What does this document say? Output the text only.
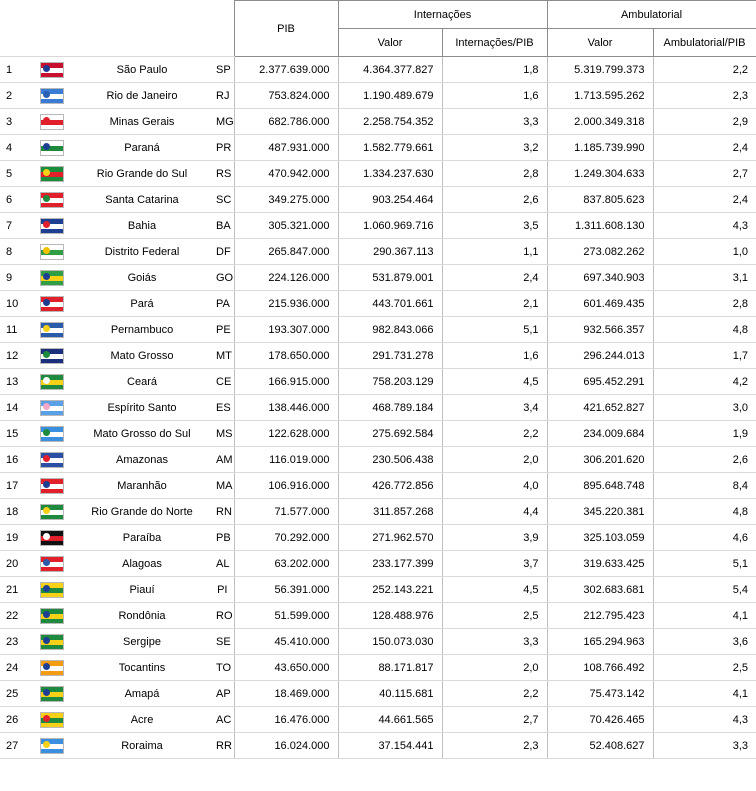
				PIB	Internações		Ambulatorial	
					Valor	Internações/PIB	Valor	Ambulatorial/PIB
1		São Paulo	SP	2.377.639.000	4.364.377.827	1,8	5.319.799.373	2,2
2		Rio de Janeiro	RJ	753.824.000	1.190.489.679	1,6	1.713.595.262	2,3
3		Minas Gerais	MG	682.786.000	2.258.754.352	3,3	2.000.349.318	2,9
4		Paraná	PR	487.931.000	1.582.779.661	3,2	1.185.739.990	2,4
5		Rio Grande do Sul	RS	470.942.000	1.334.237.630	2,8	1.249.304.633	2,7
6		Santa Catarina	SC	349.275.000	903.254.464	2,6	837.805.623	2,4
7		Bahia	BA	305.321.000	1.060.969.716	3,5	1.311.608.130	4,3
8		Distrito Federal	DF	265.847.000	290.367.113	1,1	273.082.262	1,0
9		Goiás	GO	224.126.000	531.879.001	2,4	697.340.903	3,1
10		Pará	PA	215.936.000	443.701.661	2,1	601.469.435	2,8
11		Pernambuco	PE	193.307.000	982.843.066	5,1	932.566.357	4,8
12		Mato Grosso	MT	178.650.000	291.731.278	1,6	296.244.013	1,7
13		Ceará	CE	166.915.000	758.203.129	4,5	695.452.291	4,2
14		Espírito Santo	ES	138.446.000	468.789.184	3,4	421.652.827	3,0
15		Mato Grosso do Sul	MS	122.628.000	275.692.584	2,2	234.009.684	1,9
16		Amazonas	AM	116.019.000	230.506.438	2,0	306.201.620	2,6
17		Maranhão	MA	106.916.000	426.772.856	4,0	895.648.748	8,4
18		Rio Grande do Norte	RN	71.577.000	311.857.268	4,4	345.220.381	4,8
19		Paraíba	PB	70.292.000	271.962.570	3,9	325.103.059	4,6
20		Alagoas	AL	63.202.000	233.177.399	3,7	319.633.425	5,1
21		Piauí	PI	56.391.000	252.143.221	4,5	302.683.681	5,4
22		Rondônia	RO	51.599.000	128.488.976	2,5	212.795.423	4,1
23		Sergipe	SE	45.410.000	150.073.030	3,3	165.294.963	3,6
24		Tocantins	TO	43.650.000	88.171.817	2,0	108.766.492	2,5
25		Amapá	AP	18.469.000	40.115.681	2,2	75.473.142	4,1
26		Acre	AC	16.476.000	44.661.565	2,7	70.426.465	4,3
27		Roraima	RR	16.024.000	37.154.441	2,3	52.408.627	3,3
